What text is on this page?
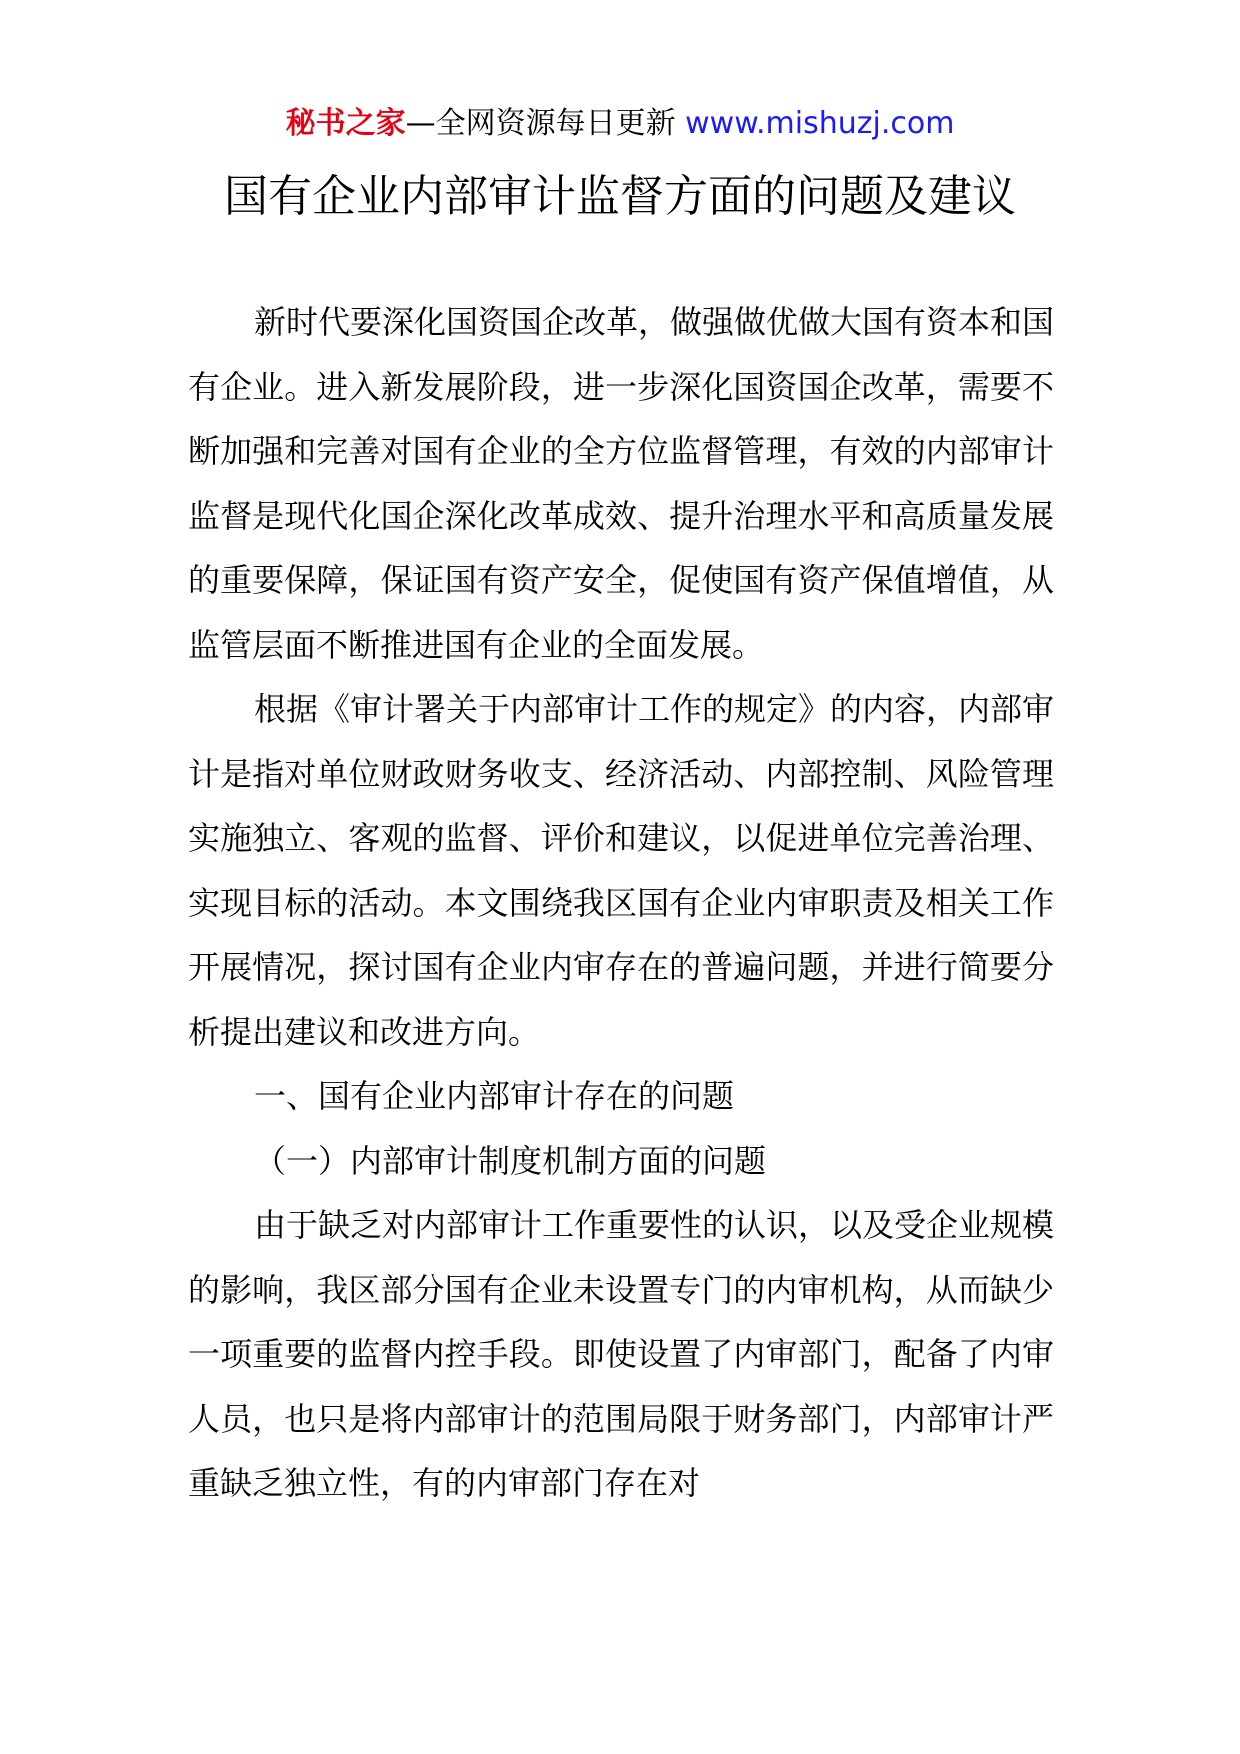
秘书之家—全网资源每日更新 www.mishuzj.com
国有企业内部审计监督方面的问题及建议

新时代要深化国资国企改革，做强做优做大国有资本和国有企业。进入新发展阶段，进一步深化国资国企改革，需要不断加强和完善对国有企业的全方位监督管理，有效的内部审计监督是现代化国企深化改革成效、提升治理水平和高质量发展的重要保障，保证国有资产安全，促使国有资产保值增值，从监管层面不断推进国有企业的全面发展。

根据《审计署关于内部审计工作的规定》的内容，内部审计是指对单位财政财务收支、经济活动、内部控制、风险管理实施独立、客观的监督、评价和建议，以促进单位完善治理、实现目标的活动。本文围绕我区国有企业内审职责及相关工作开展情况，探讨国有企业内审存在的普遍问题，并进行简要分析提出建议和改进方向。

一、国有企业内部审计存在的问题

（一）内部审计制度机制方面的问题

由于缺乏对内部审计工作重要性的认识，以及受企业规模的影响，我区部分国有企业未设置专门的内审机构，从而缺少一项重要的监督内控手段。即使设置了内审部门，配备了内审人员，也只是将内部审计的范围局限于财务部门，内部审计严重缺乏独立性，有的内审部门存在对
